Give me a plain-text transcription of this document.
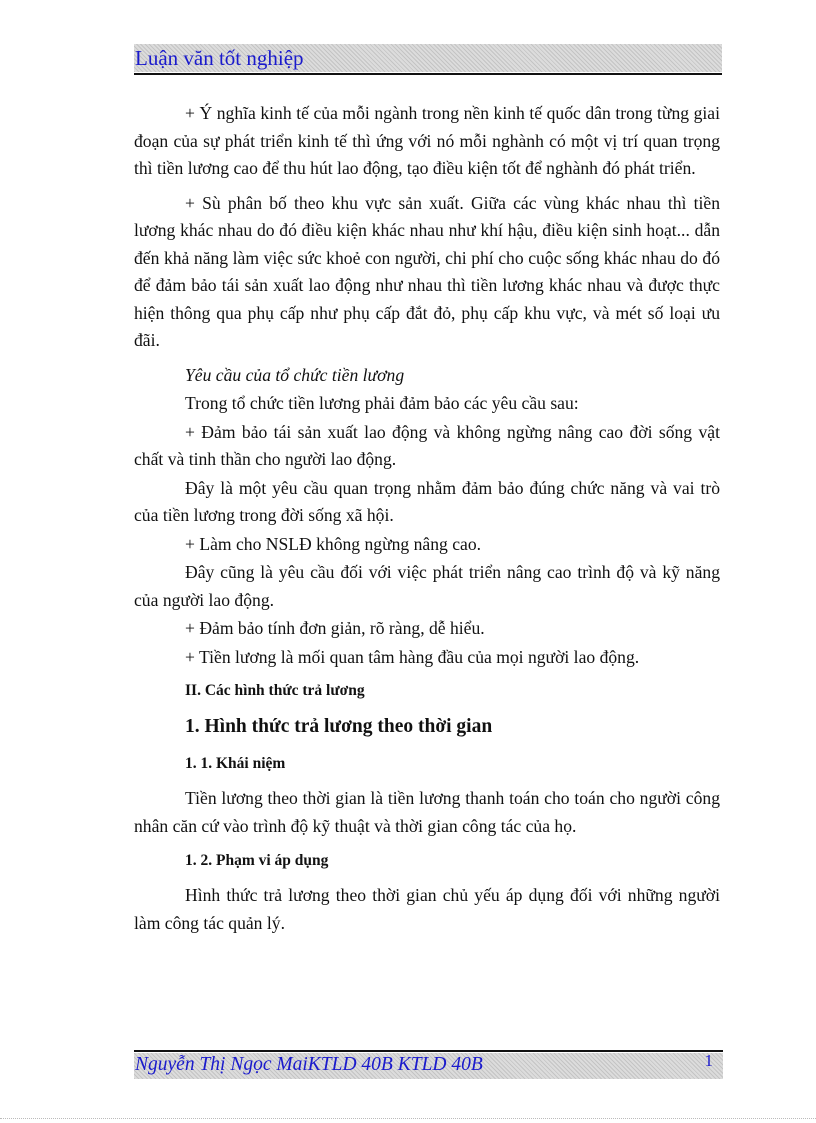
Luận văn tốt nghiệp

+ Ý nghĩa kinh tế của mỗi ngành trong nền kinh tế quốc dân trong từng giai đoạn của sự phát triển kinh tế thì ứng với nó mỗi nghành có một vị trí quan trọng thì tiền lương cao để thu hút lao động, tạo điều kiện tốt để nghành đó phát triển.

+ Sù phân bố theo khu vực sản xuất. Giữa các vùng khác nhau thì tiền lương khác nhau do đó điều kiện khác nhau như khí hậu, điều kiện sinh hoạt... dẫn đến khả năng làm việc sức khoẻ con người, chi phí cho cuộc sống khác nhau do đó để đảm bảo tái sản xuất lao động như nhau thì tiền lương khác nhau và được thực hiện thông qua phụ cấp như phụ cấp đắt đỏ, phụ cấp khu vực, và mét số loại ưu đãi.

Yêu cầu của tổ chức tiền lương

Trong tổ chức tiền lương phải đảm bảo các yêu cầu sau:

+ Đảm bảo tái sản xuất lao động và không ngừng nâng cao đời sống vật chất và tinh thần cho người lao động.

Đây là một yêu cầu quan trọng nhằm đảm bảo đúng chức năng và vai trò của tiền lương trong đời sống xã hội.

+ Làm cho NSLĐ không ngừng nâng cao.

Đây cũng là yêu cầu đối với việc phát triển nâng cao trình độ và kỹ năng của người lao động.

+ Đảm bảo tính đơn giản, rõ ràng, dễ hiểu.

+ Tiền lương là mối quan tâm hàng đầu của mọi người lao động.

II. Các hình thức trả lương
1. Hình thức trả lương theo thời gian
1. 1. Khái niệm

Tiền lương theo thời gian là tiền lương thanh toán cho toán cho người công nhân căn cứ vào trình độ kỹ thuật và thời gian công tác của họ.

1. 2. Phạm vi áp dụng

Hình thức trả lương theo thời gian chủ yếu áp dụng đối với những người làm công tác quản lý.

Nguyễn Thị Ngọc MaiKTLD 40B KTLD 40B	1
